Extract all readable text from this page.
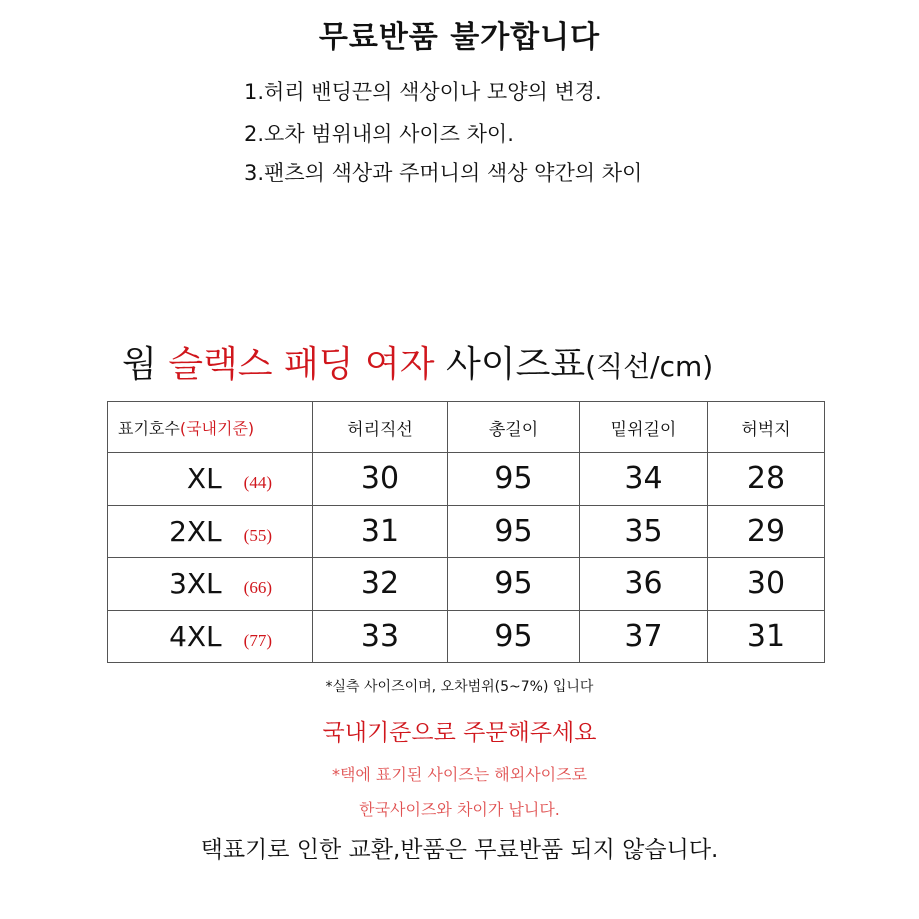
무료반품 불가합니다
1.허리 밴딩끈의 색상이나 모양의 변경.
2.오차 범위내의 사이즈 차이.
3.팬츠의 색상과 주머니의 색상 약간의 차이
웜 슬랙스 패딩 여자 사이즈표(직선/cm)
표기호수(국내기준)	허리직선	총길이	밑위길이	허벅지
XL (44)	30	95	34	28
2XL (55)	31	95	35	29
3XL (66)	32	95	36	30
4XL (77)	33	95	37	31
*실측 사이즈이며, 오차범위(5~7%) 입니다
국내기준으로 주문해주세요
*택에 표기된 사이즈는 해외사이즈로
한국사이즈와 차이가 납니다.
택표기로 인한 교환,반품은 무료반품 되지 않습니다.
